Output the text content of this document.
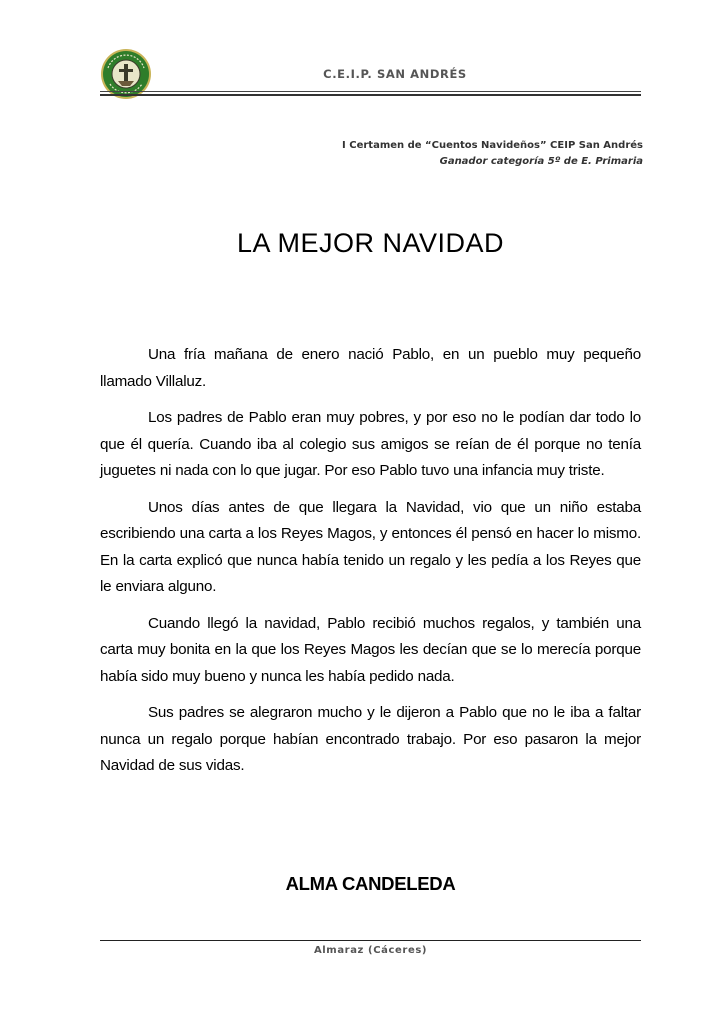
C.E.I.P. SAN ANDRÉS
I Certamen de “Cuentos Navideños” CEIP San Andrés
Ganador categoría 5º de E. Primaria
LA MEJOR NAVIDAD

Una fría mañana de enero nació Pablo, en un pueblo muy pequeño llamado Villaluz.

Los padres de Pablo eran muy pobres, y por eso no le podían dar todo lo que él quería. Cuando iba al colegio sus amigos se reían de él porque no tenía juguetes ni nada con lo que jugar. Por eso Pablo tuvo una infancia muy triste.

Unos días antes de que llegara la Navidad, vio que un niño estaba escribiendo una carta a los Reyes Magos, y entonces él pensó en hacer lo mismo. En la carta explicó que nunca había tenido un regalo y les pedía a los Reyes que le enviara alguno.

Cuando llegó la navidad, Pablo recibió muchos regalos, y también una carta muy bonita en la que los Reyes Magos les decían que se lo merecía porque había sido muy bueno y nunca les había pedido nada.

Sus padres se alegraron mucho y le dijeron a Pablo que no le iba a faltar nunca un regalo porque habían encontrado trabajo. Por eso pasaron la mejor Navidad de sus vidas.

ALMA CANDELEDA
Almaraz (Cáceres)
